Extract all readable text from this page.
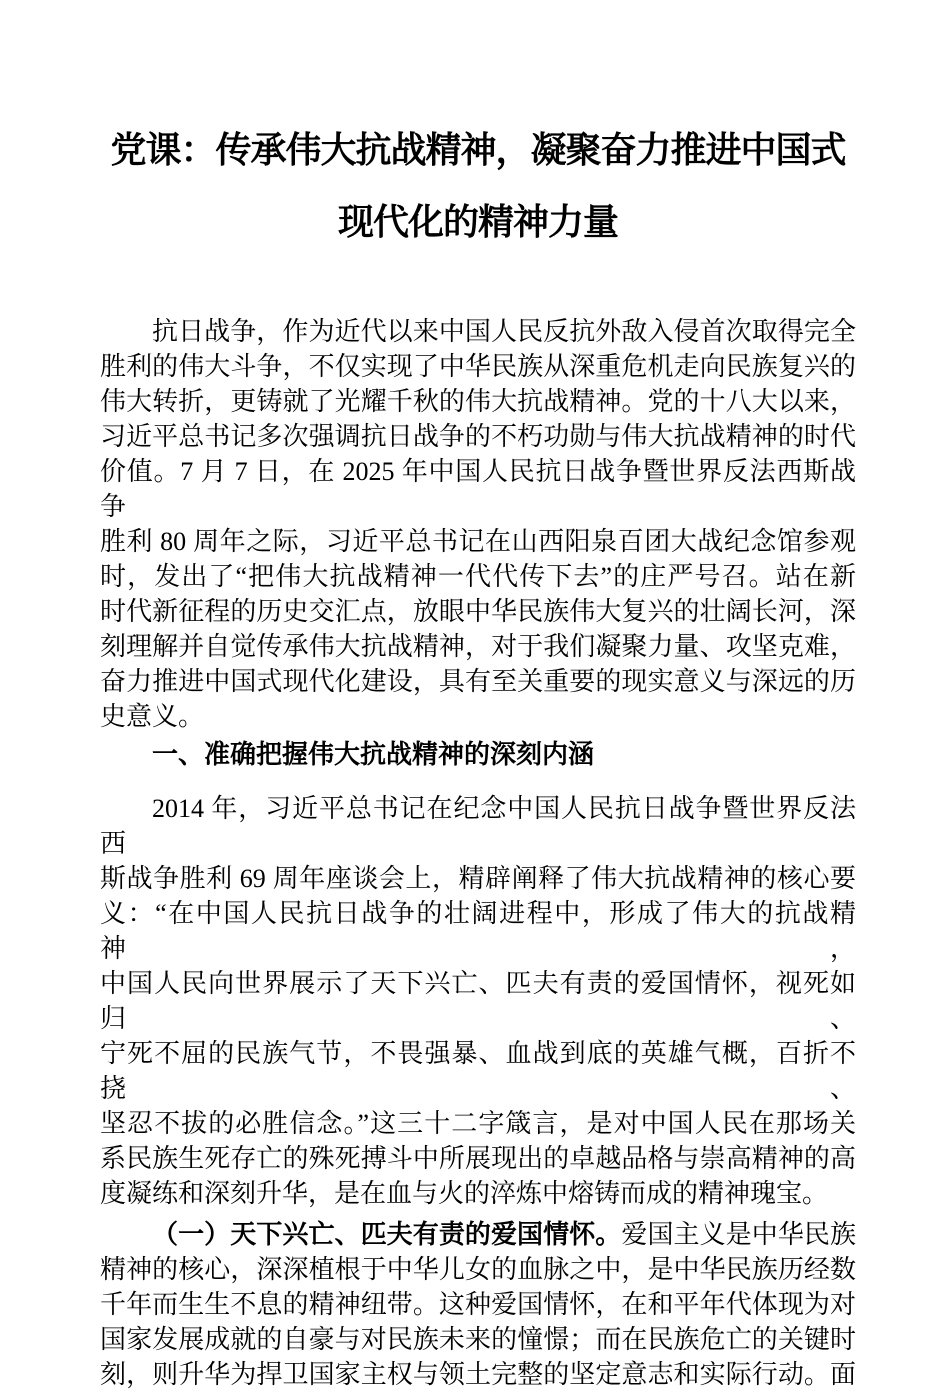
党课：传承伟大抗战精神，凝聚奋力推进中国式
现代化的精神力量
抗日战争，作为近代以来中国人民反抗外敌入侵首次取得完全
胜利的伟大斗争，不仅实现了中华民族从深重危机走向民族复兴的
伟大转折，更铸就了光耀千秋的伟大抗战精神。党的十八大以来，
习近平总书记多次强调抗日战争的不朽功勋与伟大抗战精神的时代
价值。7 月 7 日，在 2025 年中国人民抗日战争暨世界反法西斯战争
胜利 80 周年之际，习近平总书记在山西阳泉百团大战纪念馆参观
时，发出了“把伟大抗战精神一代代传下去”的庄严号召。站在新
时代新征程的历史交汇点，放眼中华民族伟大复兴的壮阔长河，深
刻理解并自觉传承伟大抗战精神，对于我们凝聚力量、攻坚克难，
奋力推进中国式现代化建设，具有至关重要的现实意义与深远的历
史意义。
一、准确把握伟大抗战精神的深刻内涵
2014 年，习近平总书记在纪念中国人民抗日战争暨世界反法西
斯战争胜利 69 周年座谈会上，精辟阐释了伟大抗战精神的核心要
义：“在中国人民抗日战争的壮阔进程中，形成了伟大的抗战精神，
中国人民向世界展示了天下兴亡、匹夫有责的爱国情怀，视死如归、
宁死不屈的民族气节，不畏强暴、血战到底的英雄气概，百折不挠、
坚忍不拔的必胜信念。”这三十二字箴言，是对中国人民在那场关
系民族生死存亡的殊死搏斗中所展现出的卓越品格与崇高精神的高
度凝练和深刻升华，是在血与火的淬炼中熔铸而成的精神瑰宝。
（一）天下兴亡、匹夫有责的爱国情怀。爱国主义是中华民族
精神的核心，深深植根于中华儿女的血脉之中，是中华民族历经数
千年而生生不息的精神纽带。这种爱国情怀，在和平年代体现为对
国家发展成就的自豪与对民族未来的憧憬；而在民族危亡的关键时
刻，则升华为捍卫国家主权与领土完整的坚定意志和实际行动。面
